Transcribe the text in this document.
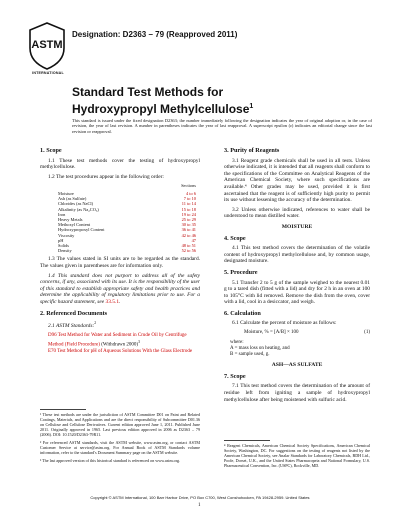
ASTM
INTERNATIONAL
Designation: D2363 – 79 (Reapproved 2011)
Standard Test Methods for
Hydroxypropyl Methylcellulose$^1$
This standard is issued under the fixed designation D2363; the number immediately following the designation indicates the year of original adoption or, in the case of revision, the year of last revision. A number in parentheses indicates the year of last reapproval. A superscript epsilon (ε) indicates an editorial change since the last revision or reapproval.
1. Scope

1.1 These test methods cover the testing of hydroxypropyl methylcellulose.

1.2 The test procedures appear in the following order:

Sections
Moisture	4 to 6
Ash (as Sulfate)	7 to 10
Chlorides (as NaCl)	11 to 14
Alkalinity (as Na₂CO₃)	15 to 18
Iron	19 to 24
Heavy Metals	25 to 29
Methoxyl Content	30 to 35
Hydroxypropoxyl Content	36 to 41
Viscosity	42 to 46
pH	47
Solids	48 to 51
Density	52 to 56

1.3 The values stated in SI units are to be regarded as the standard. The values given in parentheses are for information only.

1.4 This standard does not purport to address all of the safety concerns, if any, associated with its use. It is the responsibility of the user of this standard to establish appropriate safety and health practices and determine the applicability of regulatory limitations prior to use. For a specific hazard statement, see 33.5.1.

2. Referenced Documents

2.1 ASTM Standards:$^2$

D96 Test Method for Water and Sediment in Crude Oil by Centrifuge Method (Field Procedure) (Withdrawn 2000)$^3$
E70 Test Method for pH of Aqueous Solutions With the Glass Electrode

¹ These test methods are under the jurisdiction of ASTM Committee D01 on Paint and Related Coatings, Materials, and Applications and are the direct responsibility of Subcommittee D01.36 on Cellulose and Cellulose Derivatives. Current edition approved June 1, 2011. Published June 2011. Originally approved in 1965. Last previous edition approved in 2006 as D2363 – 79 (2006). DOI: 10.1520/D2363-79R11.

² For referenced ASTM standards, visit the ASTM website, www.astm.org, or contact ASTM Customer Service at service@astm.org. For Annual Book of ASTM Standards volume information, refer to the standard's Document Summary page on the ASTM website.

³ The last approved version of this historical standard is referenced on www.astm.org.

3. Purity of Reagents

3.1 Reagent grade chemicals shall be used in all tests. Unless otherwise indicated, it is intended that all reagents shall conform to the specifications of the Committee on Analytical Reagents of the American Chemical Society, where such specifications are available.⁴ Other grades may be used, provided it is first ascertained that the reagent is of sufficiently high purity to permit its use without lessening the accuracy of the determination.

3.2 Unless otherwise indicated, references to water shall be understood to mean distilled water.

MOISTURE
4. Scope

4.1 This test method covers the determination of the volatile content of hydroxypropyl methylcellulose and, by common usage, designated moisture.

5. Procedure

5.1 Transfer 2 to 5 g of the sample weighed to the nearest 0.01 g to a tared dish (fitted with a lid) and dry for 2 h in an oven at 100 to 105°C with lid removed. Remove the dish from the oven, cover with a lid, cool in a desiccator, and weigh.

6. Calculation

6.1 Calculate the percent of moisture as follows:

Moisture, % = [A/B] × 100	(1)
where:
A = mass loss on heating, and
B = sample used, g.
ASH—AS SULFATE
7. Scope

7.1 This test method covers the determination of the amount of residue left from igniting a sample of hydroxypropyl methylcellulose after being moistened with sulfuric acid.

⁴ Reagent Chemicals, American Chemical Society Specifications, American Chemical Society, Washington, DC. For suggestions on the testing of reagents not listed by the American Chemical Society, see Analar Standards for Laboratory Chemicals, BDH Ltd., Poole, Dorset, U.K., and the United States Pharmacopeia and National Formulary, U.S. Pharmaceutical Convention, Inc. (USPC), Rockville, MD.

Copyright © ASTM International, 100 Barr Harbor Drive, PO Box C700, West Conshohocken, PA 19428-2959. United States
1
